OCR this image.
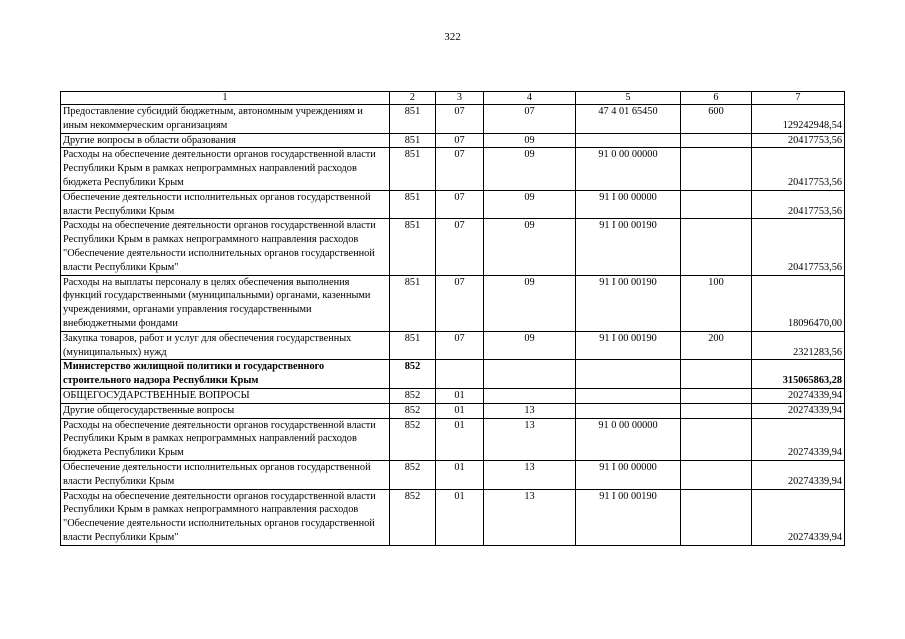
322
1	2	3	4	5	6	7
Предоставление субсидий бюджетным, автономным учреждениям и иным некоммерческим организациям	851	07	07	47 4 01 65450	600	129242948,54
Другие вопросы в области образования	851	07	09			20417753,56
Расходы на обеспечение деятельности органов государственной власти Республики Крым в рамках непрограммных направлений расходов бюджета Республики Крым	851	07	09	91 0 00 00000		20417753,56
Обеспечение деятельности исполнительных органов государственной власти Республики Крым	851	07	09	91 I 00 00000		20417753,56
Расходы на обеспечение деятельности органов государственной власти Республики Крым в рамках непрограммного направления расходов "Обеспечение деятельности исполнительных органов государственной власти Республики Крым"	851	07	09	91 I 00 00190		20417753,56
Расходы на выплаты персоналу в целях обеспечения выполнения функций государственными (муниципальными) органами, казенными учреждениями, органами управления государственными внебюджетными фондами	851	07	09	91 I 00 00190	100	18096470,00
Закупка товаров, работ и услуг для обеспечения государственных (муниципальных) нужд	851	07	09	91 I 00 00190	200	2321283,56
Министерство жилищной политики и государственного строительного надзора Республики Крым	852					315065863,28
ОБЩЕГОСУДАРСТВЕННЫЕ ВОПРОСЫ	852	01				20274339,94
Другие общегосударственные вопросы	852	01	13			20274339,94
Расходы на обеспечение деятельности органов государственной власти Республики Крым в рамках непрограммных направлений расходов бюджета Республики Крым	852	01	13	91 0 00 00000		20274339,94
Обеспечение деятельности исполнительных органов государственной власти Республики Крым	852	01	13	91 I 00 00000		20274339,94
Расходы на обеспечение деятельности органов государственной власти Республики Крым в рамках непрограммного направления расходов "Обеспечение деятельности исполнительных органов государственной власти Республики Крым"	852	01	13	91 I 00 00190		20274339,94
